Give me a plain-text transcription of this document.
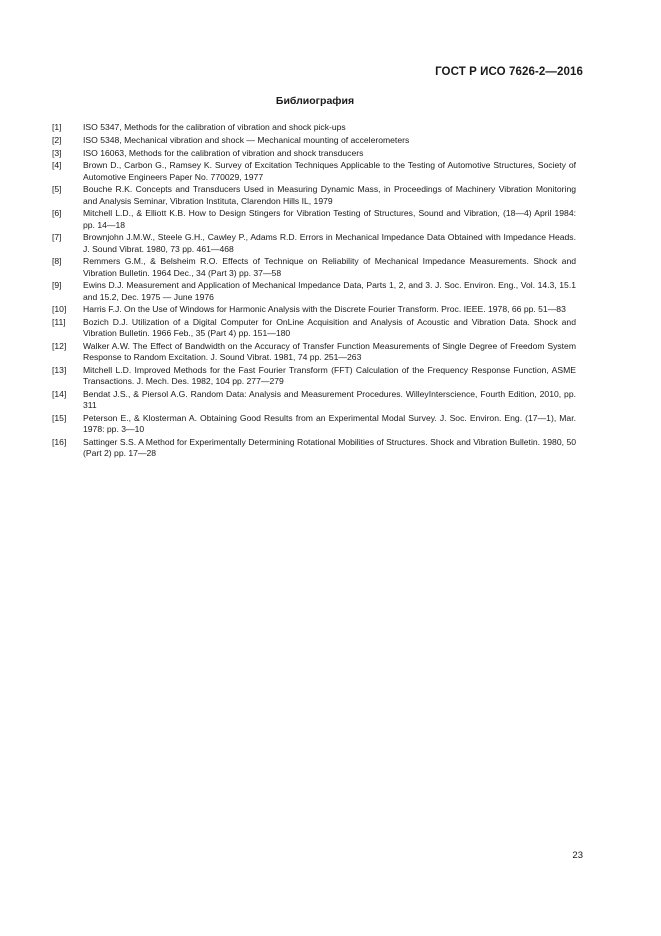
ГОСТ Р ИСО 7626-2—2016
Библиография
[1]	ISO 5347, Methods for the calibration of vibration and shock pick-ups
[2]	ISO 5348, Mechanical vibration and shock — Mechanical mounting of accelerometers
[3]	ISO 16063, Methods for the calibration of vibration and shock transducers
[4]	Brown D., Carbon G., Ramsey K. Survey of Excitation Techniques Applicable to the Testing of Automotive Structures, Society of Automotive Engineers Paper No. 770029, 1977
[5]	Bouche R.K. Concepts and Transducers Used in Measuring Dynamic Mass, in Proceedings of Machinery Vibration Monitoring and Analysis Seminar, Vibration Instituta, Clarendon Hills IL, 1979
[6]	Mitchell L.D., & Elliott K.B. How to Design Stingers for Vibration Testing of Structures, Sound and Vibration, (18—4) April 1984: pp. 14—18
[7]	Brownjohn J.M.W., Steele G.H., Cawley P., Adams R.D. Errors in Mechanical Impedance Data Obtained with Impedance Heads. J. Sound Vibrat. 1980, 73 pp. 461—468
[8]	Remmers G.M., & Belsheim R.O. Effects of Technique on Reliability of Mechanical Impedance Measurements. Shock and Vibration Bulletin. 1964 Dec., 34 (Part 3) pp. 37—58
[9]	Ewins D.J. Measurement and Application of Mechanical Impedance Data, Parts 1, 2, and 3. J. Soc. Environ. Eng., Vol. 14.3, 15.1 and 15.2, Dec. 1975 — June 1976
[10]	Harris F.J. On the Use of Windows for Harmonic Analysis with the Discrete Fourier Transform. Proc. IEEE. 1978, 66 pp. 51—83
[11]	Bozich D.J. Utilization of a Digital Computer for OnLine Acquisition and Analysis of Acoustic and Vibration Data. Shock and Vibration Bulletin. 1966 Feb., 35 (Part 4) pp. 151—180
[12]	Walker A.W. The Effect of Bandwidth on the Accuracy of Transfer Function Measurements of Single Degree of Freedom System Response to Random Excitation. J. Sound Vibrat. 1981, 74 pp. 251—263
[13]	Mitchell L.D. Improved Methods for the Fast Fourier Transform (FFT) Calculation of the Frequency Response Function, ASME Transactions. J. Mech. Des. 1982, 104 pp. 277—279
[14]	Bendat J.S., & Piersol A.G. Random Data: Analysis and Measurement Procedures. WilleyInterscience, Fourth Edition, 2010, pp. 311
[15]	Peterson E., & Klosterman A. Obtaining Good Results from an Experimental Modal Survey. J. Soc. Environ. Eng. (17—1), Mar. 1978: pp. 3—10
[16]	Sattinger S.S. A Method for Experimentally Determining Rotational Mobilities of Structures. Shock and Vibration Bulletin. 1980, 50 (Part 2) pp. 17—28
23
